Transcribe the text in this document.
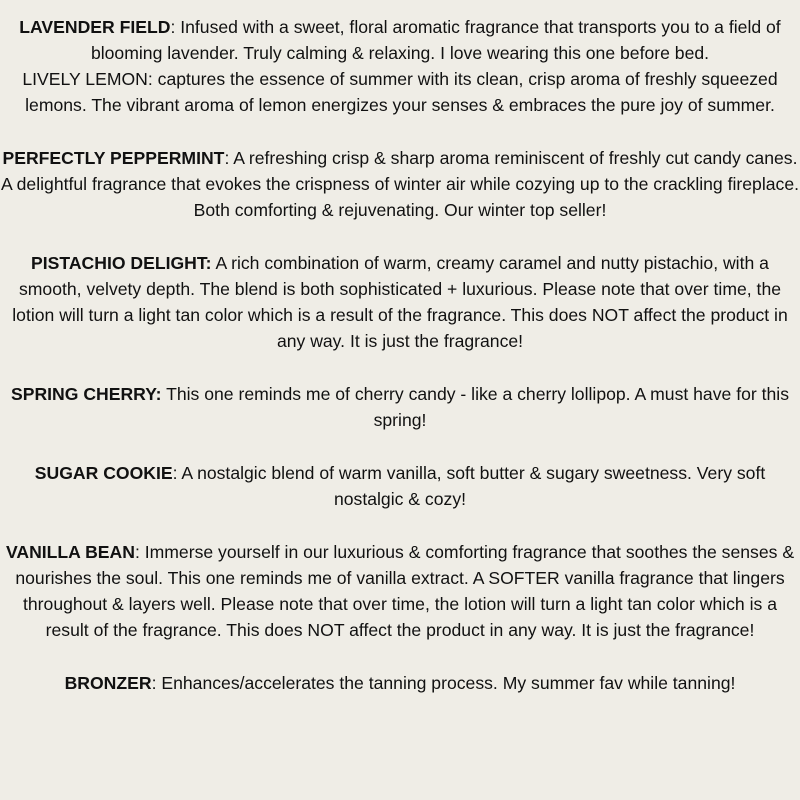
LAVENDER FIELD: Infused with a sweet, floral aromatic fragrance that transports you to a field of blooming lavender. Truly calming & relaxing. I love wearing this one before bed.
LIVELY LEMON: captures the essence of summer with its clean, crisp aroma of freshly squeezed lemons. The vibrant aroma of lemon energizes your senses & embraces the pure joy of summer.

PERFECTLY PEPPERMINT: A refreshing crisp & sharp aroma reminiscent of freshly cut candy canes. A delightful fragrance that evokes the crispness of winter air while cozying up to the crackling fireplace. Both comforting & rejuvenating. Our winter top seller!

PISTACHIO DELIGHT: A rich combination of warm, creamy caramel and nutty pistachio, with a smooth, velvety depth. The blend is both sophisticated + luxurious. Please note that over time, the lotion will turn a light tan color which is a result of the fragrance. This does NOT affect the product in any way. It is just the fragrance!

SPRING CHERRY: This one reminds me of cherry candy - like a cherry lollipop. A must have for this spring!

SUGAR COOKIE: A nostalgic blend of warm vanilla, soft butter & sugary sweetness. Very soft nostalgic & cozy!

VANILLA BEAN: Immerse yourself in our luxurious & comforting fragrance that soothes the senses & nourishes the soul. This one reminds me of vanilla extract. A SOFTER vanilla fragrance that lingers throughout & layers well. Please note that over time, the lotion will turn a light tan color which is a result of the fragrance. This does NOT affect the product in any way. It is just the fragrance!

BRONZER: Enhances/accelerates the tanning process. My summer fav while tanning!
